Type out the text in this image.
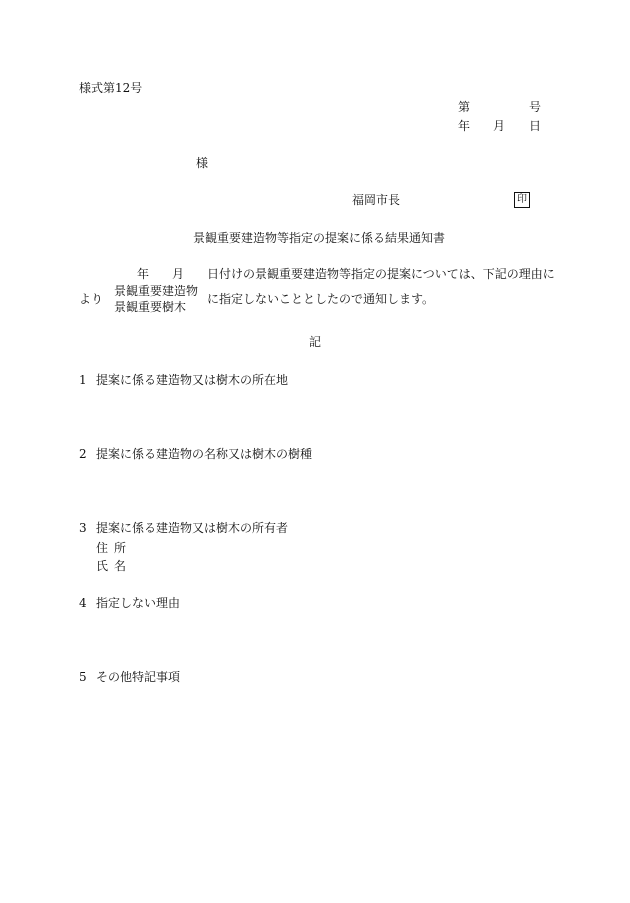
様式第12号
第	号
年 月 日
様
福岡市長	印
景観重要建造物等指定の提案に係る結果通知書
年 月 日付けの景観重要建造物等指定の提案については、下記の理由に
より
景観重要建造物
景観重要樹木
に指定しないこととしたので通知します。
記
1 提案に係る建造物又は樹木の所在地
2 提案に係る建造物の名称又は樹木の樹種
3 提案に係る建造物又は樹木の所有者
住 所
氏 名
4 指定しない理由
5 その他特記事項
